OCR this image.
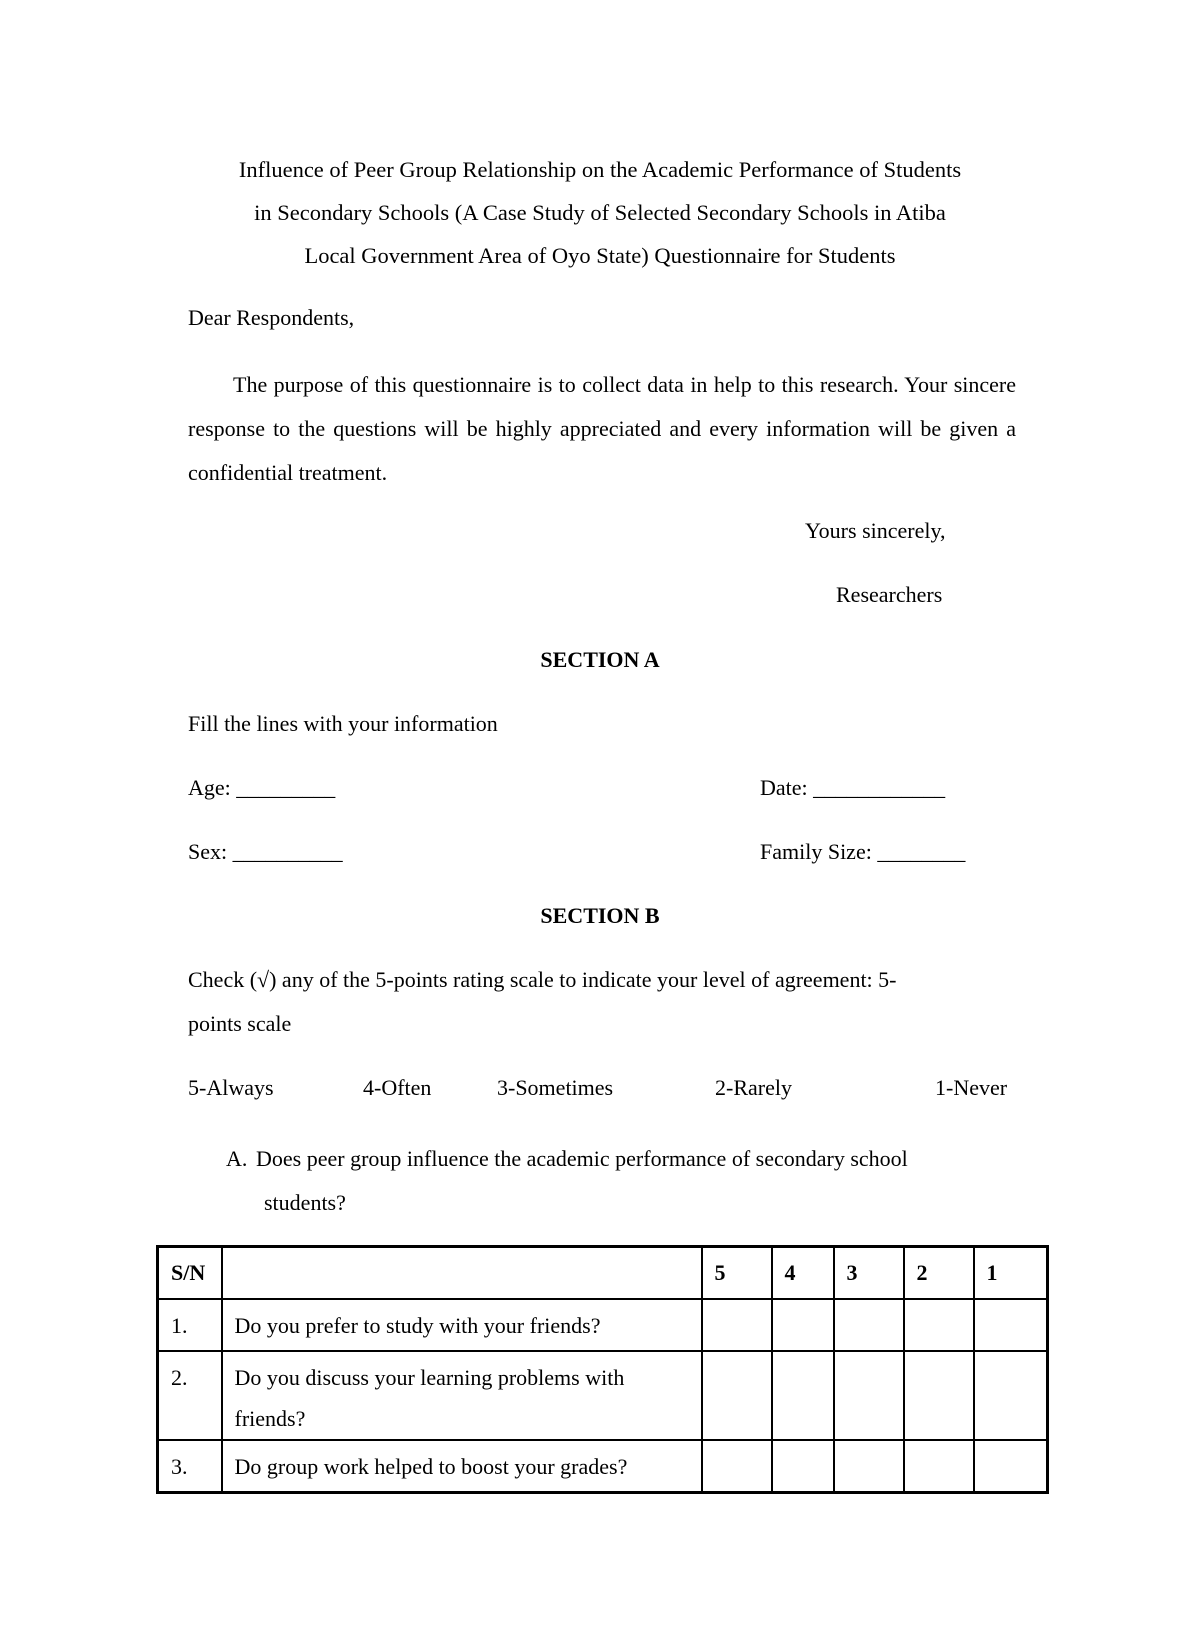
Influence of Peer Group Relationship on the Academic Performance of Students
in Secondary Schools (A Case Study of Selected Secondary Schools in Atiba
Local Government Area of Oyo State) Questionnaire for Students
Dear Respondents,
The purpose of this questionnaire is to collect data in help to this research. Your sincere response to the questions will be highly appreciated and every information will be given a confidential treatment.
Yours sincerely,
Researchers
SECTION A
Fill the lines with your information
Age: _________	Date: ____________
Sex: __________	Family Size: ________
SECTION B
Check (√) any of the 5-points rating scale to indicate your level of agreement: 5-
points scale
5-Always	4-Often	3-Sometimes	2-Rarely	1-Never
A. Does peer group influence the academic performance of secondary school
students?
S/N		5	4	3	2	1
1.	Do you prefer to study with your friends?					
2.	Do you discuss your learning problems with friends?					
3.	Do group work helped to boost your grades?					
